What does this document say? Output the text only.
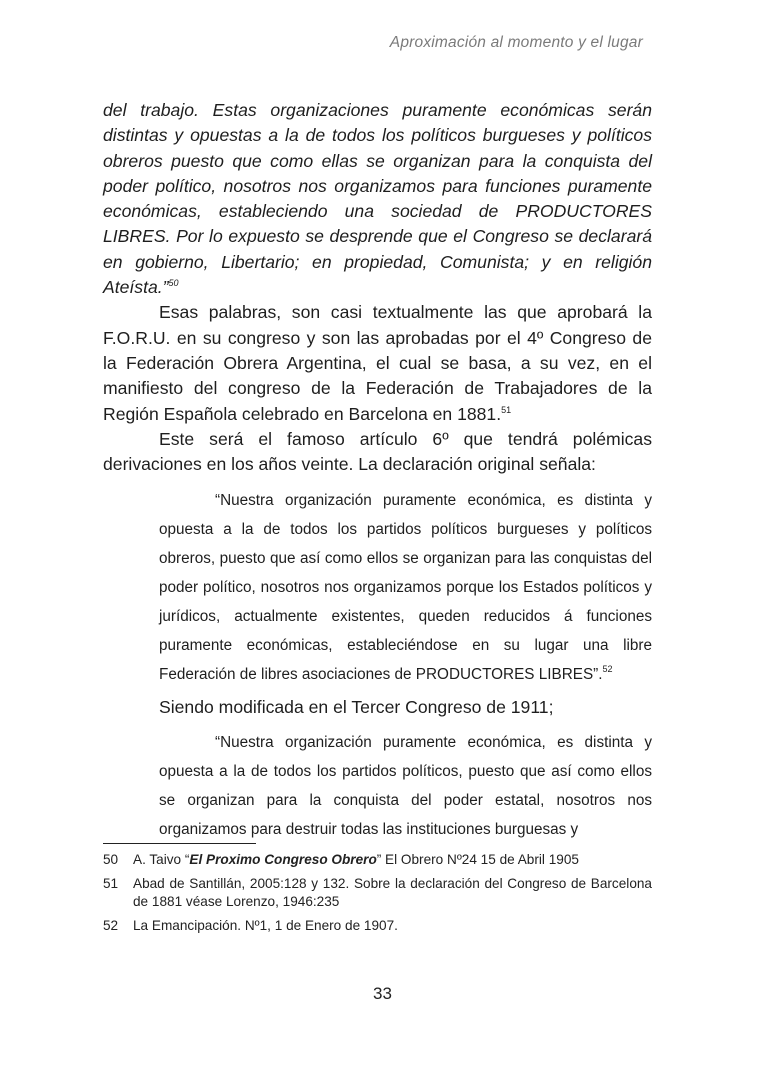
Aproximación al momento y el lugar

del trabajo. Estas organizaciones puramente económicas serán distintas y opuestas a la de todos los políticos burgueses y políticos obreros puesto que como ellas se organizan para la conquista del poder político, nosotros nos organizamos para funciones puramente económicas, estableciendo una sociedad de PRODUCTORES LIBRES. Por lo expuesto se desprende que el Congreso se declarará en gobierno, Libertario; en propiedad, Comunista; y en religión Ateísta.”$^{50}$

Esas palabras, son casi textualmente las que aprobará la F.O.R.U. en su congreso y son las aprobadas por el 4º Congreso de la Federación Obrera Argentina, el cual se basa, a su vez, en el manifiesto del congreso de la Federación de Trabajadores de la Región Española celebrado en Barcelona en 1881.51

Este será el famoso artículo 6º que tendrá polémicas derivaciones en los años veinte. La declaración original señala:

“Nuestra organización puramente económica, es distinta y opuesta a la de todos los partidos políticos burgueses y políticos obreros, puesto que así como ellos se organizan para las conquistas del poder político, nosotros nos organizamos porque los Estados políticos y jurídicos, actualmente existentes, queden reducidos á funciones puramente económicas, estableciéndose en su lugar una libre Federación de libres asociaciones de PRODUCTORES LIBRES”.$^{52}$

Siendo modificada en el Tercer Congreso de 1911;

“Nuestra organización puramente económica, es distinta y opuesta a la de todos los partidos políticos, puesto que así como ellos se organizan para la conquista del poder estatal, nosotros nos organizamos para destruir todas las instituciones burguesas y

50	A. Taivo “El Proximo Congreso Obrero” El Obrero Nº24 15 de Abril 1905
51	Abad de Santillán, 2005:128 y 132. Sobre la declaración del Congreso de Barcelona de 1881 véase Lorenzo, 1946:235
52	La Emancipación. Nº1, 1 de Enero de 1907.
33
